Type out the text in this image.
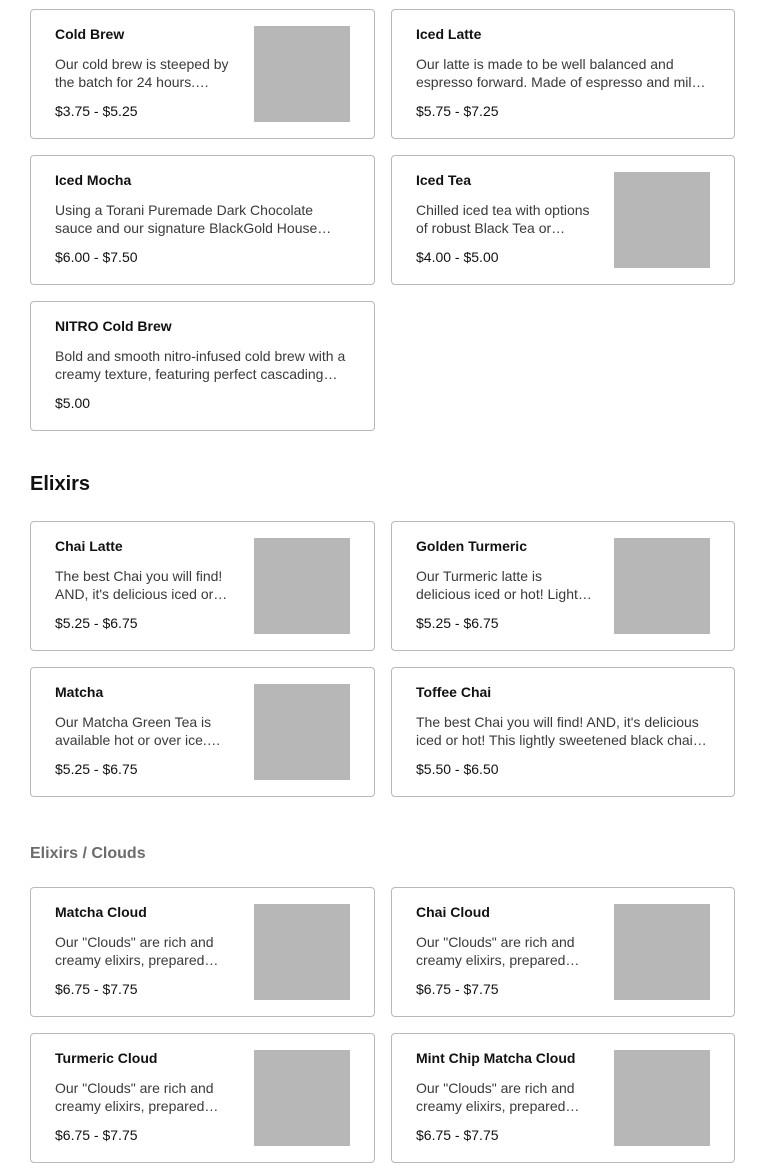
Cold Brew
Our cold brew is steeped by the batch for 24 hours.
$3.75 - $5.25
Iced Latte
Our latte is made to be well balanced and espresso forward. Made of espresso and milk
$5.75 - $7.25
Iced Mocha
Using a Torani Puremade Dark Chocolate sauce and our signature BlackGold House
$6.00 - $7.50
Iced Tea
Chilled iced tea with options of robust Black Tea or
$4.00 - $5.00
NITRO Cold Brew
Bold and smooth nitro-infused cold brew with a creamy texture, featuring perfect cascading
$5.00
Elixirs
Chai Latte
The best Chai you will find! AND, it's delicious iced or
$5.25 - $6.75
Golden Turmeric
Our Turmeric latte is delicious iced or hot! Lightly
$5.25 - $6.75
Matcha
Our Matcha Green Tea is available hot or over ice.
$5.25 - $6.75
Toffee Chai
The best Chai you will find! AND, it's delicious iced or hot! This lightly sweetened black chai
$5.50 - $6.50
Elixirs / Clouds
Matcha Cloud
Our "Clouds" are rich and creamy elixirs, prepared
$6.75 - $7.75
Chai Cloud
Our "Clouds" are rich and creamy elixirs, prepared
$6.75 - $7.75
Turmeric Cloud
Our "Clouds" are rich and creamy elixirs, prepared
$6.75 - $7.75
Mint Chip Matcha Cloud
Our "Clouds" are rich and creamy elixirs, prepared
$6.75 - $7.75
